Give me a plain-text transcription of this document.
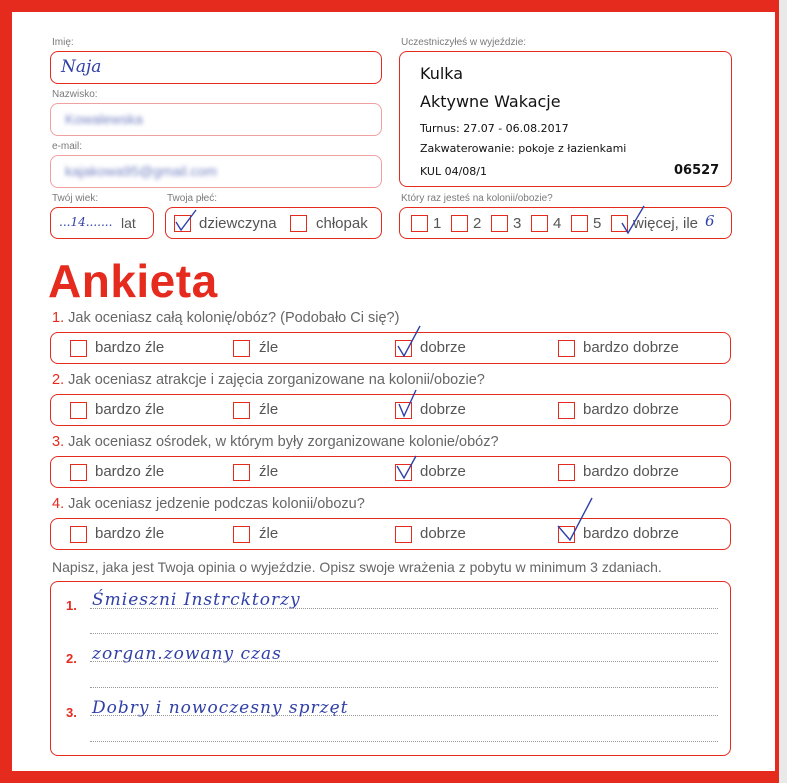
Imię:
Naja
Nazwisko:
Kowalewska
e-mail:
kajakowa95@gmail.com
Twój wiek:
...14....... lat
Twoja płeć:
dziewczyna	chłopak
Uczestniczyłeś w wyjeździe:
Kulka
Aktywne Wakacje
Turnus: 27.07 - 06.08.2017
Zakwaterowanie: pokoje z łazienkami
KUL 04/08/1	06527
Który raz jesteś na kolonii/obozie?
1 2 3 4 5 więcej, ile 6
Ankieta
1. Jak oceniasz całą kolonię/obóz? (Podobało Ci się?)
bardzo źle	źle	dobrze	bardzo dobrze
2. Jak oceniasz atrakcje i zajęcia zorganizowane na kolonii/obozie?
bardzo źle	źle	dobrze	bardzo dobrze
3. Jak oceniasz ośrodek, w którym były zorganizowane kolonie/obóz?
bardzo źle	źle	dobrze	bardzo dobrze
4. Jak oceniasz jedzenie podczas kolonii/obozu?
bardzo źle	źle	dobrze	bardzo dobrze
Napisz, jaka jest Twoja opinia o wyjeździe. Opisz swoje wrażenia z pobytu w minimum 3 zdaniach.
1. Śmieszni Instrcktorzy
2. zorgan.zowany czas
3. Dobry i nowoczesny sprzęt
